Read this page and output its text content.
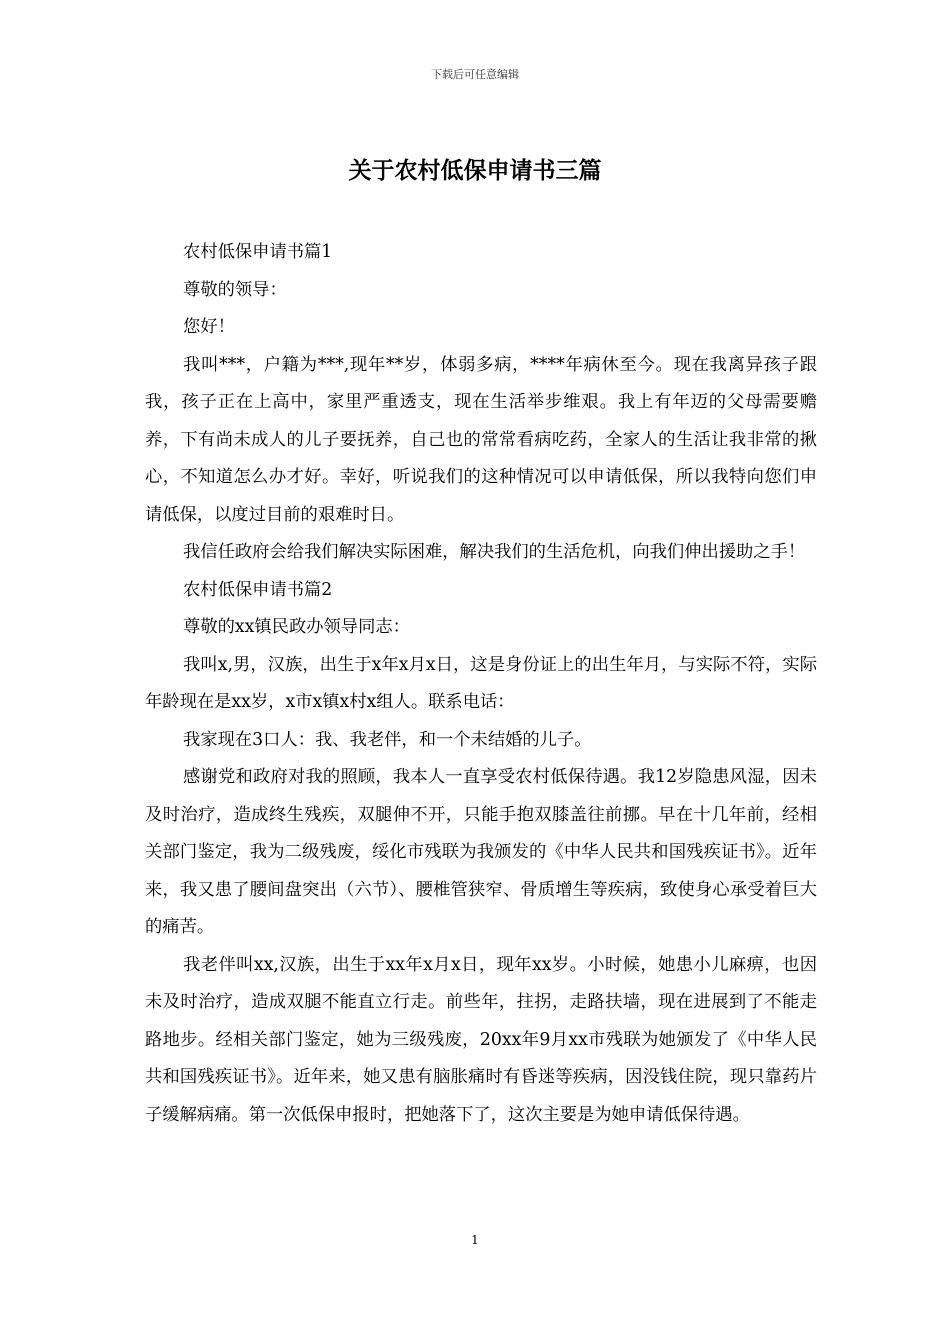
下载后可任意编辑
关于农村低保申请书三篇

农村低保申请书篇1

尊敬的领导：

您好！

我叫***，户籍为***,现年**岁，体弱多病，****年病休至今。现在我离异孩子跟我，孩子正在上高中，家里严重透支，现在生活举步维艰。我上有年迈的父母需要赡养，下有尚未成人的儿子要抚养，自己也的常常看病吃药，全家人的生活让我非常的揪心，不知道怎么办才好。幸好，听说我们的这种情况可以申请低保，所以我特向您们申请低保，以度过目前的艰难时日。

我信任政府会给我们解决实际困难，解决我们的生活危机，向我们伸出援助之手！

农村低保申请书篇2

尊敬的xx镇民政办领导同志：

我叫x,男，汉族，出生于x年x月x日，这是身份证上的出生年月，与实际不符，实际年龄现在是xx岁，x市x镇x村x组人。联系电话：

我家现在3口人：我、我老伴，和一个未结婚的儿子。

感谢党和政府对我的照顾，我本人一直享受农村低保待遇。我12岁隐患风湿，因未及时治疗，造成终生残疾，双腿伸不开，只能手抱双膝盖往前挪。早在十几年前，经相关部门鉴定，我为二级残废，绥化市残联为我颁发的《中华人民共和国残疾证书》。近年来，我又患了腰间盘突出（六节）、腰椎管狭窄、骨质增生等疾病，致使身心承受着巨大的痛苦。

我老伴叫xx,汉族，出生于xx年x月x日，现年xx岁。小时候，她患小儿麻痹，也因未及时治疗，造成双腿不能直立行走。前些年，拄拐，走路扶墙，现在进展到了不能走路地步。经相关部门鉴定，她为三级残废，20xx年9月xx市残联为她颁发了《中华人民共和国残疾证书》。近年来，她又患有脑胀痛时有昏迷等疾病，因没钱住院，现只靠药片子缓解病痛。第一次低保申报时，把她落下了，这次主要是为她申请低保待遇。

1
